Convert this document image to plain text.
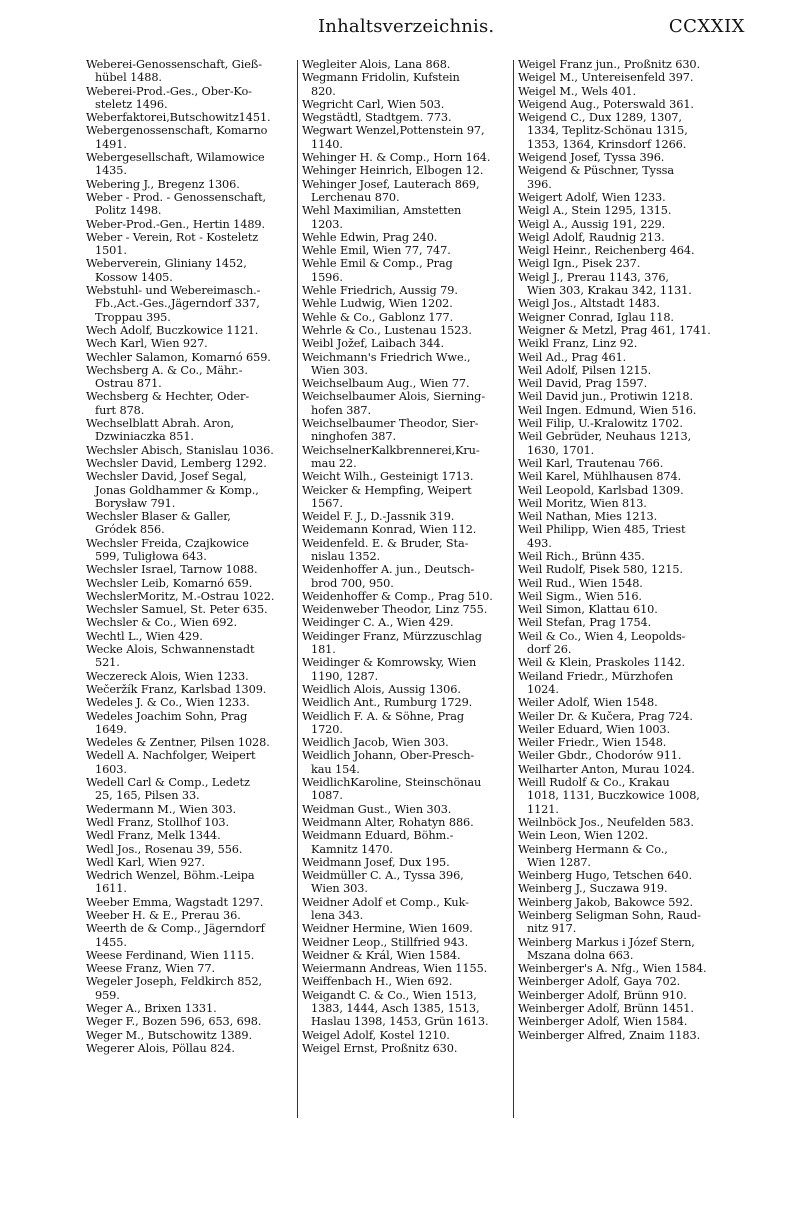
Inhaltsverzeichnis.	CCXXIX

Weberei-Genossenschaft, Gieß-
hübel 1488.

Weberei-Prod.-Ges., Ober-Ko-
steletz 1496.

Weberfaktorei,Butschowitz1451.

Webergenossenschaft, Komarno
1491.

Webergesellschaft, Wilamowice
1435.

Webering J., Bregenz 1306.

Weber - Prod. - Genossenschaft,
Politz 1498.

Weber-Prod.-Gen., Hertin 1489.

Weber - Verein, Rot - Kosteletz
1501.

Weberverein, Gliniany 1452,
Kossow 1405.

Webstuhl- und Webereimasch.-
Fb.,Act.-Ges.,Jägerndorf 337,
Troppau 395.

Wech Adolf, Buczkowice 1121.

Wech Karl, Wien 927.

Wechler Salamon, Komarnó 659.

Wechsberg A. & Co., Mähr.-
Ostrau 871.

Wechsberg & Hechter, Oder-
furt 878.

Wechselblatt Abrah. Aron,
Dzwiniaczka 851.

Wechsler Abisch, Stanislau 1036.

Wechsler David, Lemberg 1292.

Wechsler David, Josef Segal,
Jonas Goldhammer & Komp.,
Borysław 791.

Wechsler Blaser & Galler,
Gródek 856.

Wechsler Freida, Czajkowice
599, Tuligłowa 643.

Wechsler Israel, Tarnow 1088.

Wechsler Leib, Komarnó 659.

WechslerMoritz, M.-Ostrau 1022.

Wechsler Samuel, St. Peter 635.

Wechsler & Co., Wien 692.

Wechtl L., Wien 429.

Wecke Alois, Schwannenstadt
521.

Weczereck Alois, Wien 1233.

Wečeržík Franz, Karlsbad 1309.

Wedeles J. & Co., Wien 1233.

Wedeles Joachim Sohn, Prag
1649.

Wedeles & Zentner, Pilsen 1028.

Wedell A. Nachfolger, Weipert
1603.

Wedell Carl & Comp., Ledetz
25, 165, Pilsen 33.

Wedermann M., Wien 303.

Wedl Franz, Stollhof 103.

Wedl Franz, Melk 1344.

Wedl Jos., Rosenau 39, 556.

Wedl Karl, Wien 927.

Wedrich Wenzel, Böhm.-Leipa
1611.

Weeber Emma, Wagstadt 1297.

Weeber H. & E., Prerau 36.

Weerth de & Comp., Jägerndorf
1455.

Weese Ferdinand, Wien 1115.

Weese Franz, Wien 77.

Wegeler Joseph, Feldkirch 852,
959.

Weger A., Brixen 1331.

Weger F., Bozen 596, 653, 698.

Weger M., Butschowitz 1389.

Wegerer Alois, Pöllau 824.

Wegleiter Alois, Lana 868.

Wegmann Fridolin, Kufstein
820.

Wegricht Carl, Wien 503.

Wegstädtl, Stadtgem. 773.

Wegwart Wenzel,Pottenstein 97,
1140.

Wehinger H. & Comp., Horn 164.

Wehinger Heinrich, Elbogen 12.

Wehinger Josef, Lauterach 869,
Lerchenau 870.

Wehl Maximilian, Amstetten
1203.

Wehle Edwin, Prag 240.

Wehle Emil, Wien 77, 747.

Wehle Emil & Comp., Prag
1596.

Wehle Friedrich, Aussig 79.

Wehle Ludwig, Wien 1202.

Wehle & Co., Gablonz 177.

Wehrle & Co., Lustenau 1523.

Weibl Jožef, Laibach 344.

Weichmann's Friedrich Wwe.,
Wien 303.

Weichselbaum Aug., Wien 77.

Weichselbaumer Alois, Sierning-
hofen 387.

Weichselbaumer Theodor, Sier-
ninghofen 387.

WeichselnerKalkbrennerei,Kru-
mau 22.

Weicht Wilh., Gesteinigt 1713.

Weicker & Hempfing, Weipert
1567.

Weidel F. J., D.-Jassnik 319.

Weidemann Konrad, Wien 112.

Weidenfeld. E. & Bruder, Sta-
nislau 1352.

Weidenhoffer A. jun., Deutsch-
brod 700, 950.

Weidenhoffer & Comp., Prag 510.

Weidenweber Theodor, Linz 755.

Weidinger C. A., Wien 429.

Weidinger Franz, Mürzzuschlag
181.

Weidinger & Komrowsky, Wien
1190, 1287.

Weidlich Alois, Aussig 1306.

Weidlich Ant., Rumburg 1729.

Weidlich F. A. & Söhne, Prag
1720.

Weidlich Jacob, Wien 303.

Weidlich Johann, Ober-Presch-
kau 154.

WeidlichKaroline, Steinschönau
1087.

Weidman Gust., Wien 303.

Weidmann Alter, Rohatyn 886.

Weidmann Eduard, Böhm.-
Kamnitz 1470.

Weidmann Josef, Dux 195.

Weidmüller C. A., Tyssa 396,
Wien 303.

Weidner Adolf et Comp., Kuk-
lena 343.

Weidner Hermine, Wien 1609.

Weidner Leop., Stillfried 943.

Weidner & Král, Wien 1584.

Weiermann Andreas, Wien 1155.

Weiffenbach H., Wien 692.

Weigandt C. & Co., Wien 1513,
1383, 1444, Asch 1385, 1513,
Haslau 1398, 1453, Grün 1613.

Weigel Adolf, Kostel 1210.

Weigel Ernst, Proßnitz 630.

Weigel Franz jun., Proßnitz 630.

Weigel M., Untereisenfeld 397.

Weigel M., Wels 401.

Weigend Aug., Poterswald 361.

Weigend C., Dux 1289, 1307,
1334, Teplitz-Schönau 1315,
1353, 1364, Krinsdorf 1266.

Weigend Josef, Tyssa 396.

Weigend & Püschner, Tyssa
396.

Weigert Adolf, Wien 1233.

Weigl A., Stein 1295, 1315.

Weigl A., Aussig 191, 229.

Weigl Adolf, Raudnig 213.

Weigl Heinr., Reichenberg 464.

Weigl Ign., Pisek 237.

Weigl J., Prerau 1143, 376,
Wien 303, Krakau 342, 1131.

Weigl Jos., Altstadt 1483.

Weigner Conrad, Iglau 118.

Weigner & Metzl, Prag 461, 1741.

Weikl Franz, Linz 92.

Weil Ad., Prag 461.

Weil Adolf, Pilsen 1215.

Weil David, Prag 1597.

Weil David jun., Protiwin 1218.

Weil Ingen. Edmund, Wien 516.

Weil Filip, U.-Kralowitz 1702.

Weil Gebrüder, Neuhaus 1213,
1630, 1701.

Weil Karl, Trautenau 766.

Weil Karel, Mühlhausen 874.

Weil Leopold, Karlsbad 1309.

Weil Moritz, Wien 813.

Weil Nathan, Mies 1213.

Weil Philipp, Wien 485, Triest
493.

Weil Rich., Brünn 435.

Weil Rudolf, Pisek 580, 1215.

Weil Rud., Wien 1548.

Weil Sigm., Wien 516.

Weil Simon, Klattau 610.

Weil Stefan, Prag 1754.

Weil & Co., Wien 4, Leopolds-
dorf 26.

Weil & Klein, Praskoles 1142.

Weiland Friedr., Mürzhofen
1024.

Weiler Adolf, Wien 1548.

Weiler Dr. & Kučera, Prag 724.

Weiler Eduard, Wien 1003.

Weiler Friedr., Wien 1548.

Weiler Gbdr., Chodorów 911.

Weilharter Anton, Murau 1024.

Weill Rudolf & Co., Krakau
1018, 1131, Buczkowice 1008,
1121.

Weilnböck Jos., Neufelden 583.

Wein Leon, Wien 1202.

Weinberg Hermann & Co.,
Wien 1287.

Weinberg Hugo, Tetschen 640.

Weinberg J., Suczawa 919.

Weinberg Jakob, Bakowce 592.

Weinberg Seligman Sohn, Raud-
nitz 917.

Weinberg Markus i Józef Stern,
Mszana dolna 663.

Weinberger's A. Nfg., Wien 1584.

Weinberger Adolf, Gaya 702.

Weinberger Adolf, Brünn 910.

Weinberger Adolf, Brünn 1451.

Weinberger Adolf, Wien 1584.

Weinberger Alfred, Znaim 1183.
